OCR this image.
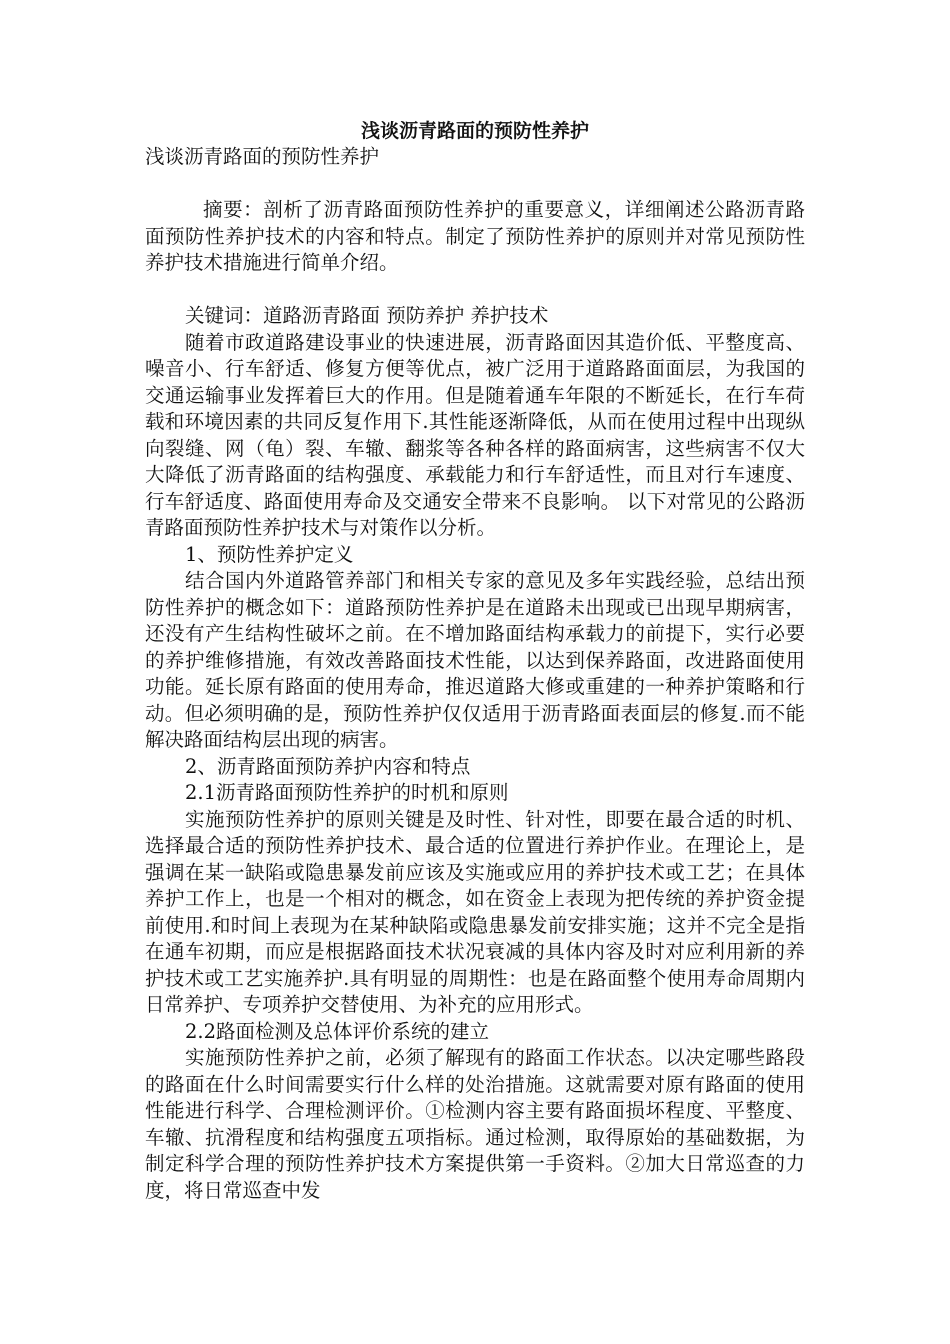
浅谈沥青路面的预防性养护

浅谈沥青路面的预防性养护

摘要：剖析了沥青路面预防性养护的重要意义，详细阐述公路沥青路面预防性养护技术的内容和特点。制定了预防性养护的原则并对常见预防性养护技术措施进行简单介绍。

关键词：道路沥青路面 预防养护 养护技术

随着市政道路建设事业的快速进展，沥青路面因其造价低、平整度高、噪音小、行车舒适、修复方便等优点，被广泛用于道路路面面层，为我国的交通运输事业发挥着巨大的作用。但是随着通车年限的不断延长，在行车荷载和环境因素的共同反复作用下.其性能逐渐降低，从而在使用过程中出现纵向裂缝、网（龟）裂、车辙、翻浆等各种各样的路面病害，这些病害不仅大大降低了沥青路面的结构强度、承载能力和行车舒适性，而且对行车速度、行车舒适度、路面使用寿命及交通安全带来不良影响。 以下对常见的公路沥青路面预防性养护技术与对策作以分析。

1、预防性养护定义

结合国内外道路管养部门和相关专家的意见及多年实践经验，总结出预防性养护的概念如下：道路预防性养护是在道路未出现或已出现早期病害，还没有产生结构性破坏之前。在不增加路面结构承载力的前提下，实行必要的养护维修措施，有效改善路面技术性能，以达到保养路面，改进路面使用功能。延长原有路面的使用寿命，推迟道路大修或重建的一种养护策略和行动。但必须明确的是，预防性养护仅仅适用于沥青路面表面层的修复.而不能解决路面结构层出现的病害。

2、沥青路面预防养护内容和特点

2.1沥青路面预防性养护的时机和原则

实施预防性养护的原则关键是及时性、针对性，即要在最合适的时机、选择最合适的预防性养护技术、最合适的位置进行养护作业。在理论上，是强调在某一缺陷或隐患暴发前应该及实施或应用的养护技术或工艺；在具体养护工作上，也是一个相对的概念，如在资金上表现为把传统的养护资金提前使用.和时间上表现为在某种缺陷或隐患暴发前安排实施；这并不完全是指在通车初期，而应是根据路面技术状况衰减的具体内容及时对应利用新的养护技术或工艺实施养护.具有明显的周期性：也是在路面整个使用寿命周期内日常养护、专项养护交替使用、为补充的应用形式。

2.2路面检测及总体评价系统的建立

实施预防性养护之前，必须了解现有的路面工作状态。以决定哪些路段的路面在什么时间需要实行什么样的处治措施。这就需要对原有路面的使用性能进行科学、合理检测评价。①检测内容主要有路面损坏程度、平整度、车辙、抗滑程度和结构强度五项指标。通过检测，取得原始的基础数据，为制定科学合理的预防性养护技术方案提供第一手资料。②加大日常巡查的力度，将日常巡查中发
